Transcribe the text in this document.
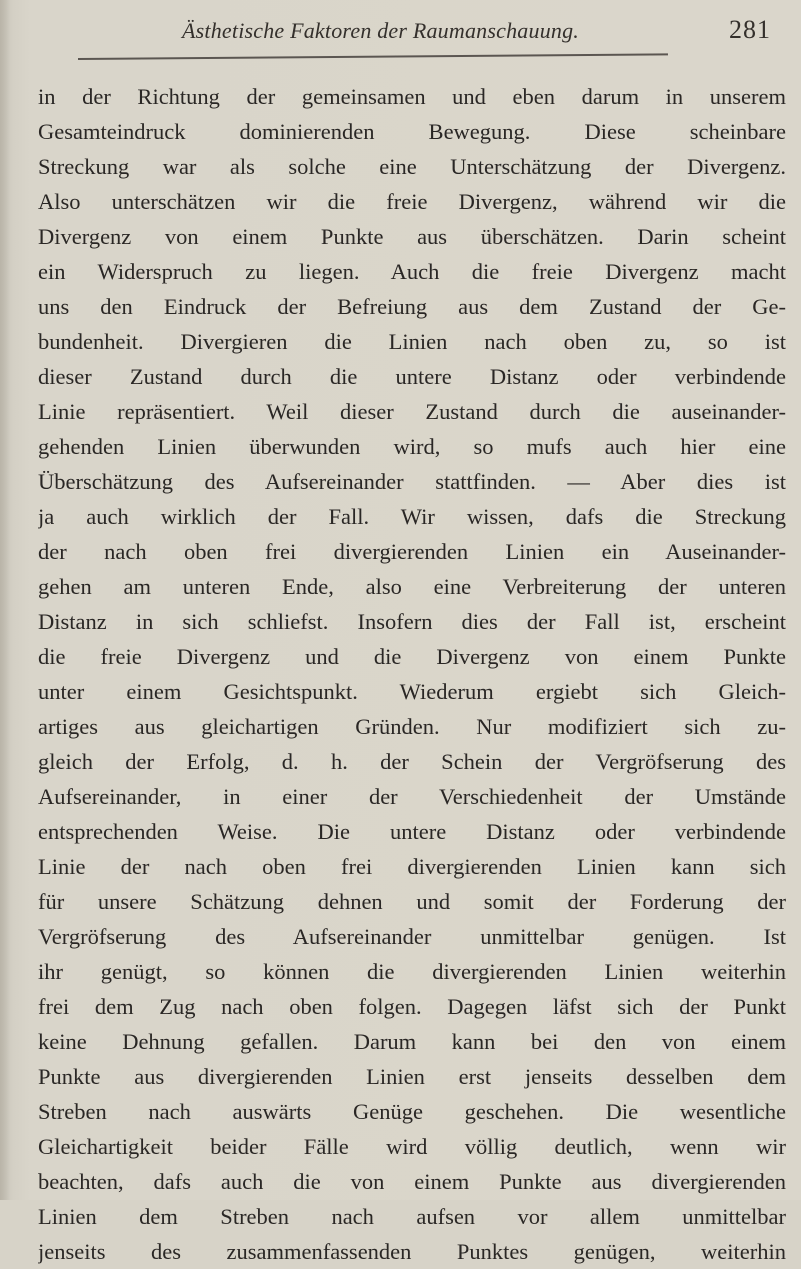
Ästhetische Faktoren der Raumanschauung.	281
in der Richtung der gemeinsamen und eben darum in unserem
Gesamteindruck dominierenden Bewegung. Diese scheinbare
Streckung war als solche eine Unterschätzung der Divergenz.
Also unterschätzen wir die freie Divergenz, während wir die
Divergenz von einem Punkte aus überschätzen. Darin scheint
ein Widerspruch zu liegen. Auch die freie Divergenz macht
uns den Eindruck der Befreiung aus dem Zustand der Ge-
bundenheit. Divergieren die Linien nach oben zu, so ist
dieser Zustand durch die untere Distanz oder verbindende
Linie repräsentiert. Weil dieser Zustand durch die auseinander-
gehenden Linien überwunden wird, so mufs auch hier eine
Überschätzung des Aufsereinander stattfinden. — Aber dies ist
ja auch wirklich der Fall. Wir wissen, dafs die Streckung
der nach oben frei divergierenden Linien ein Auseinander-
gehen am unteren Ende, also eine Verbreiterung der unteren
Distanz in sich schliefst. Insofern dies der Fall ist, erscheint
die freie Divergenz und die Divergenz von einem Punkte
unter einem Gesichtspunkt. Wiederum ergiebt sich Gleich-
artiges aus gleichartigen Gründen. Nur modifiziert sich zu-
gleich der Erfolg, d. h. der Schein der Vergröfserung des
Aufsereinander, in einer der Verschiedenheit der Umstände
entsprechenden Weise. Die untere Distanz oder verbindende
Linie der nach oben frei divergierenden Linien kann sich
für unsere Schätzung dehnen und somit der Forderung der
Vergröfserung des Aufsereinander unmittelbar genügen. Ist
ihr genügt, so können die divergierenden Linien weiterhin
frei dem Zug nach oben folgen. Dagegen läfst sich der Punkt
keine Dehnung gefallen. Darum kann bei den von einem
Punkte aus divergierenden Linien erst jenseits desselben dem
Streben nach auswärts Genüge geschehen. Die wesentliche
Gleichartigkeit beider Fälle wird völlig deutlich, wenn wir
beachten, dafs auch die von einem Punkte aus divergierenden
Linien dem Streben nach aufsen vor allem unmittelbar
jenseits des zusammenfassenden Punktes genügen, weiterhin
